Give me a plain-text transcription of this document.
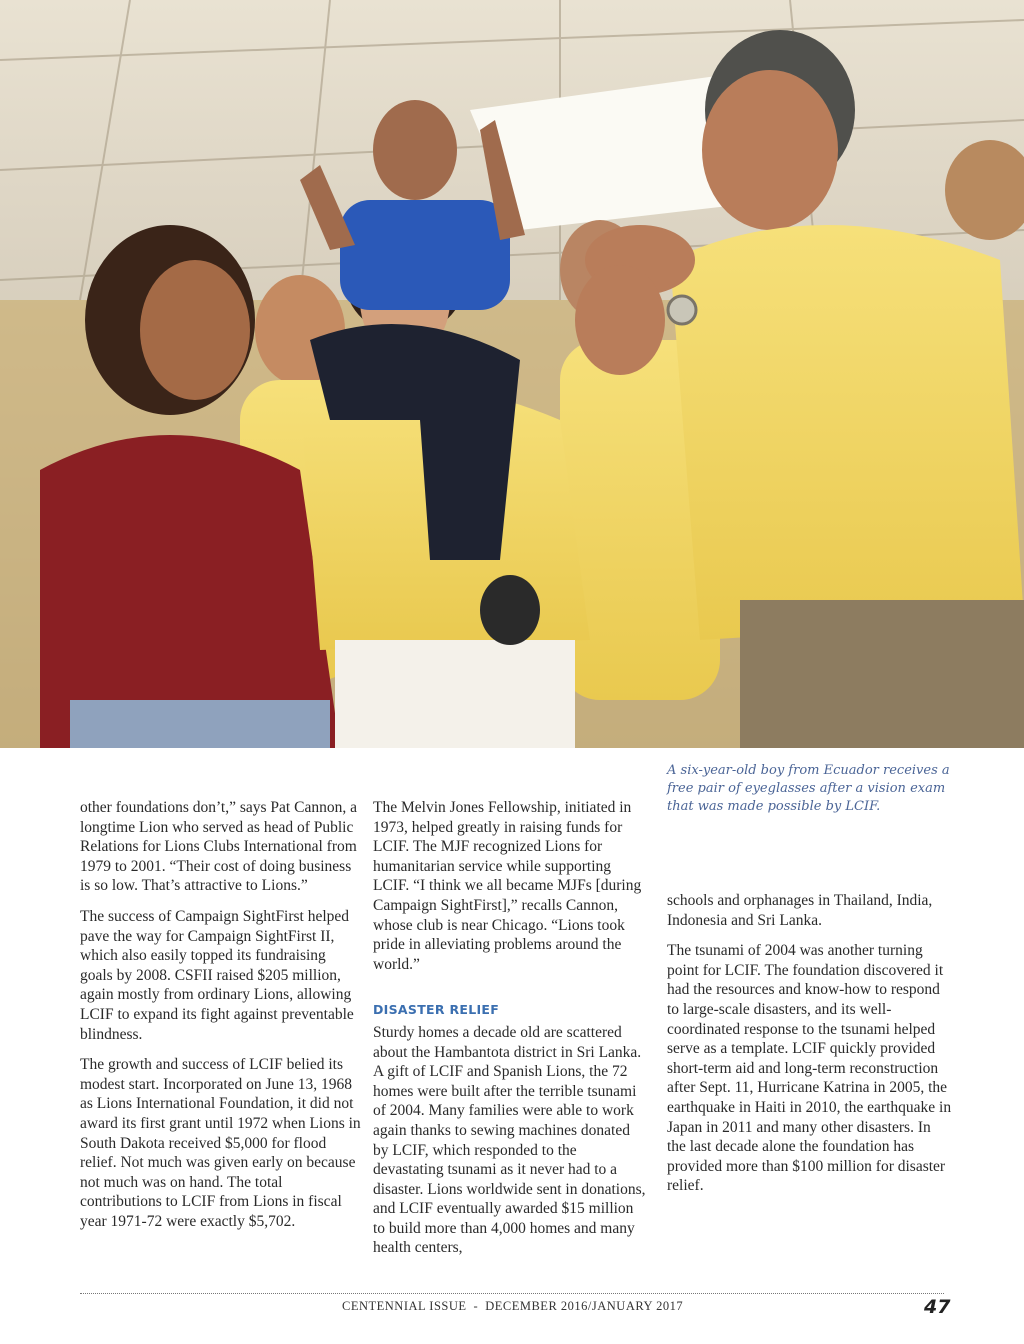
A six-year-old boy from Ecuador receives a free pair of eyeglasses after a vision exam that was made possible by LCIF.

other foundations don’t,” says Pat Cannon, a longtime Lion who served as head of Public Relations for Lions Clubs International from 1979 to 2001. “Their cost of doing business is so low. That’s attractive to Lions.”

The success of Campaign SightFirst helped pave the way for Campaign SightFirst II, which also easily topped its fundraising goals by 2008. CSFII raised $205 million, again mostly from ordinary Lions, allowing LCIF to expand its fight against preventable blindness.

The growth and success of LCIF belied its modest start. Incorporated on June 13, 1968 as Lions International Foundation, it did not award its first grant until 1972 when Lions in South Dakota received $5,000 for flood relief. Not much was given early on because not much was on hand. The total contributions to LCIF from Lions in fiscal year 1971-72 were exactly $5,702.

The Melvin Jones Fellowship, initiated in 1973, helped greatly in raising funds for LCIF. The MJF recognized Lions for humanitarian service while supporting LCIF. “I think we all became MJFs [during Campaign SightFirst],” recalls Cannon, whose club is near Chicago. “Lions took pride in alleviating problems around the world.”

DISASTER RELIEF

Sturdy homes a decade old are scattered about the Hambantota district in Sri Lanka. A gift of LCIF and Spanish Lions, the 72 homes were built after the terrible tsunami of 2004. Many families were able to work again thanks to sewing machines donated by LCIF, which responded to the devastating tsunami as it never had to a disaster. Lions worldwide sent in donations, and LCIF eventually awarded $15 million to build more than 4,000 homes and many health centers,

schools and orphanages in Thailand, India, Indonesia and Sri Lanka.

The tsunami of 2004 was another turning point for LCIF. The foundation discovered it had the resources and know-how to respond to large-scale disasters, and its well-coordinated response to the tsunami helped serve as a template. LCIF quickly provided short-term aid and long-term reconstruction after Sept. 11, Hurricane Katrina in 2005, the earthquake in Haiti in 2010, the earthquake in Japan in 2011 and many other disasters. In the last decade alone the foundation has provided more than $100 million for disaster relief.

CENTENNIAL ISSUE - DECEMBER 2016/JANUARY 2017	47
